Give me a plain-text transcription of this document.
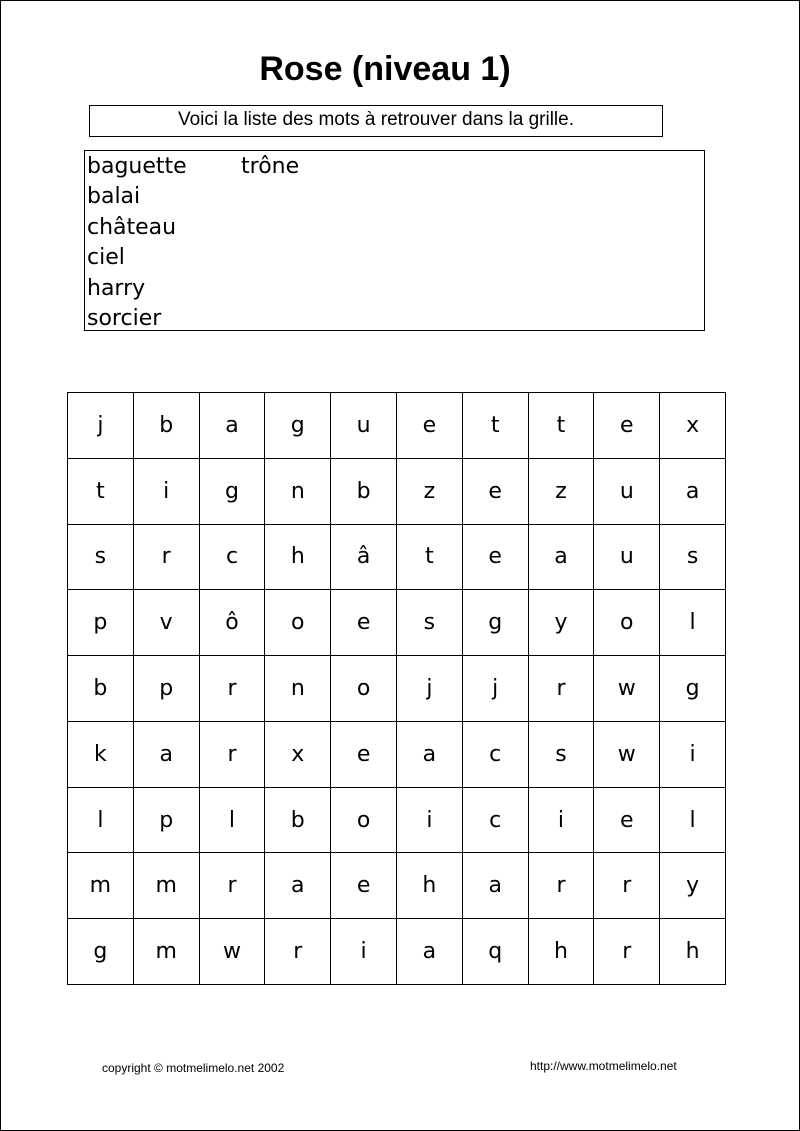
Rose (niveau 1)
Voici la liste des mots à retrouver dans la grille.
baguette
balai
château
ciel
harry
sorcier
trône
j	b	a	g	u	e	t	t	e	x
t	i	g	n	b	z	e	z	u	a
s	r	c	h	â	t	e	a	u	s
p	v	ô	o	e	s	g	y	o	l
b	p	r	n	o	j	j	r	w	g
k	a	r	x	e	a	c	s	w	i
l	p	l	b	o	i	c	i	e	l
m	m	r	a	e	h	a	r	r	y
g	m	w	r	i	a	q	h	r	h
copyright © motmelimelo.net 2002	http://www.motmelimelo.net
